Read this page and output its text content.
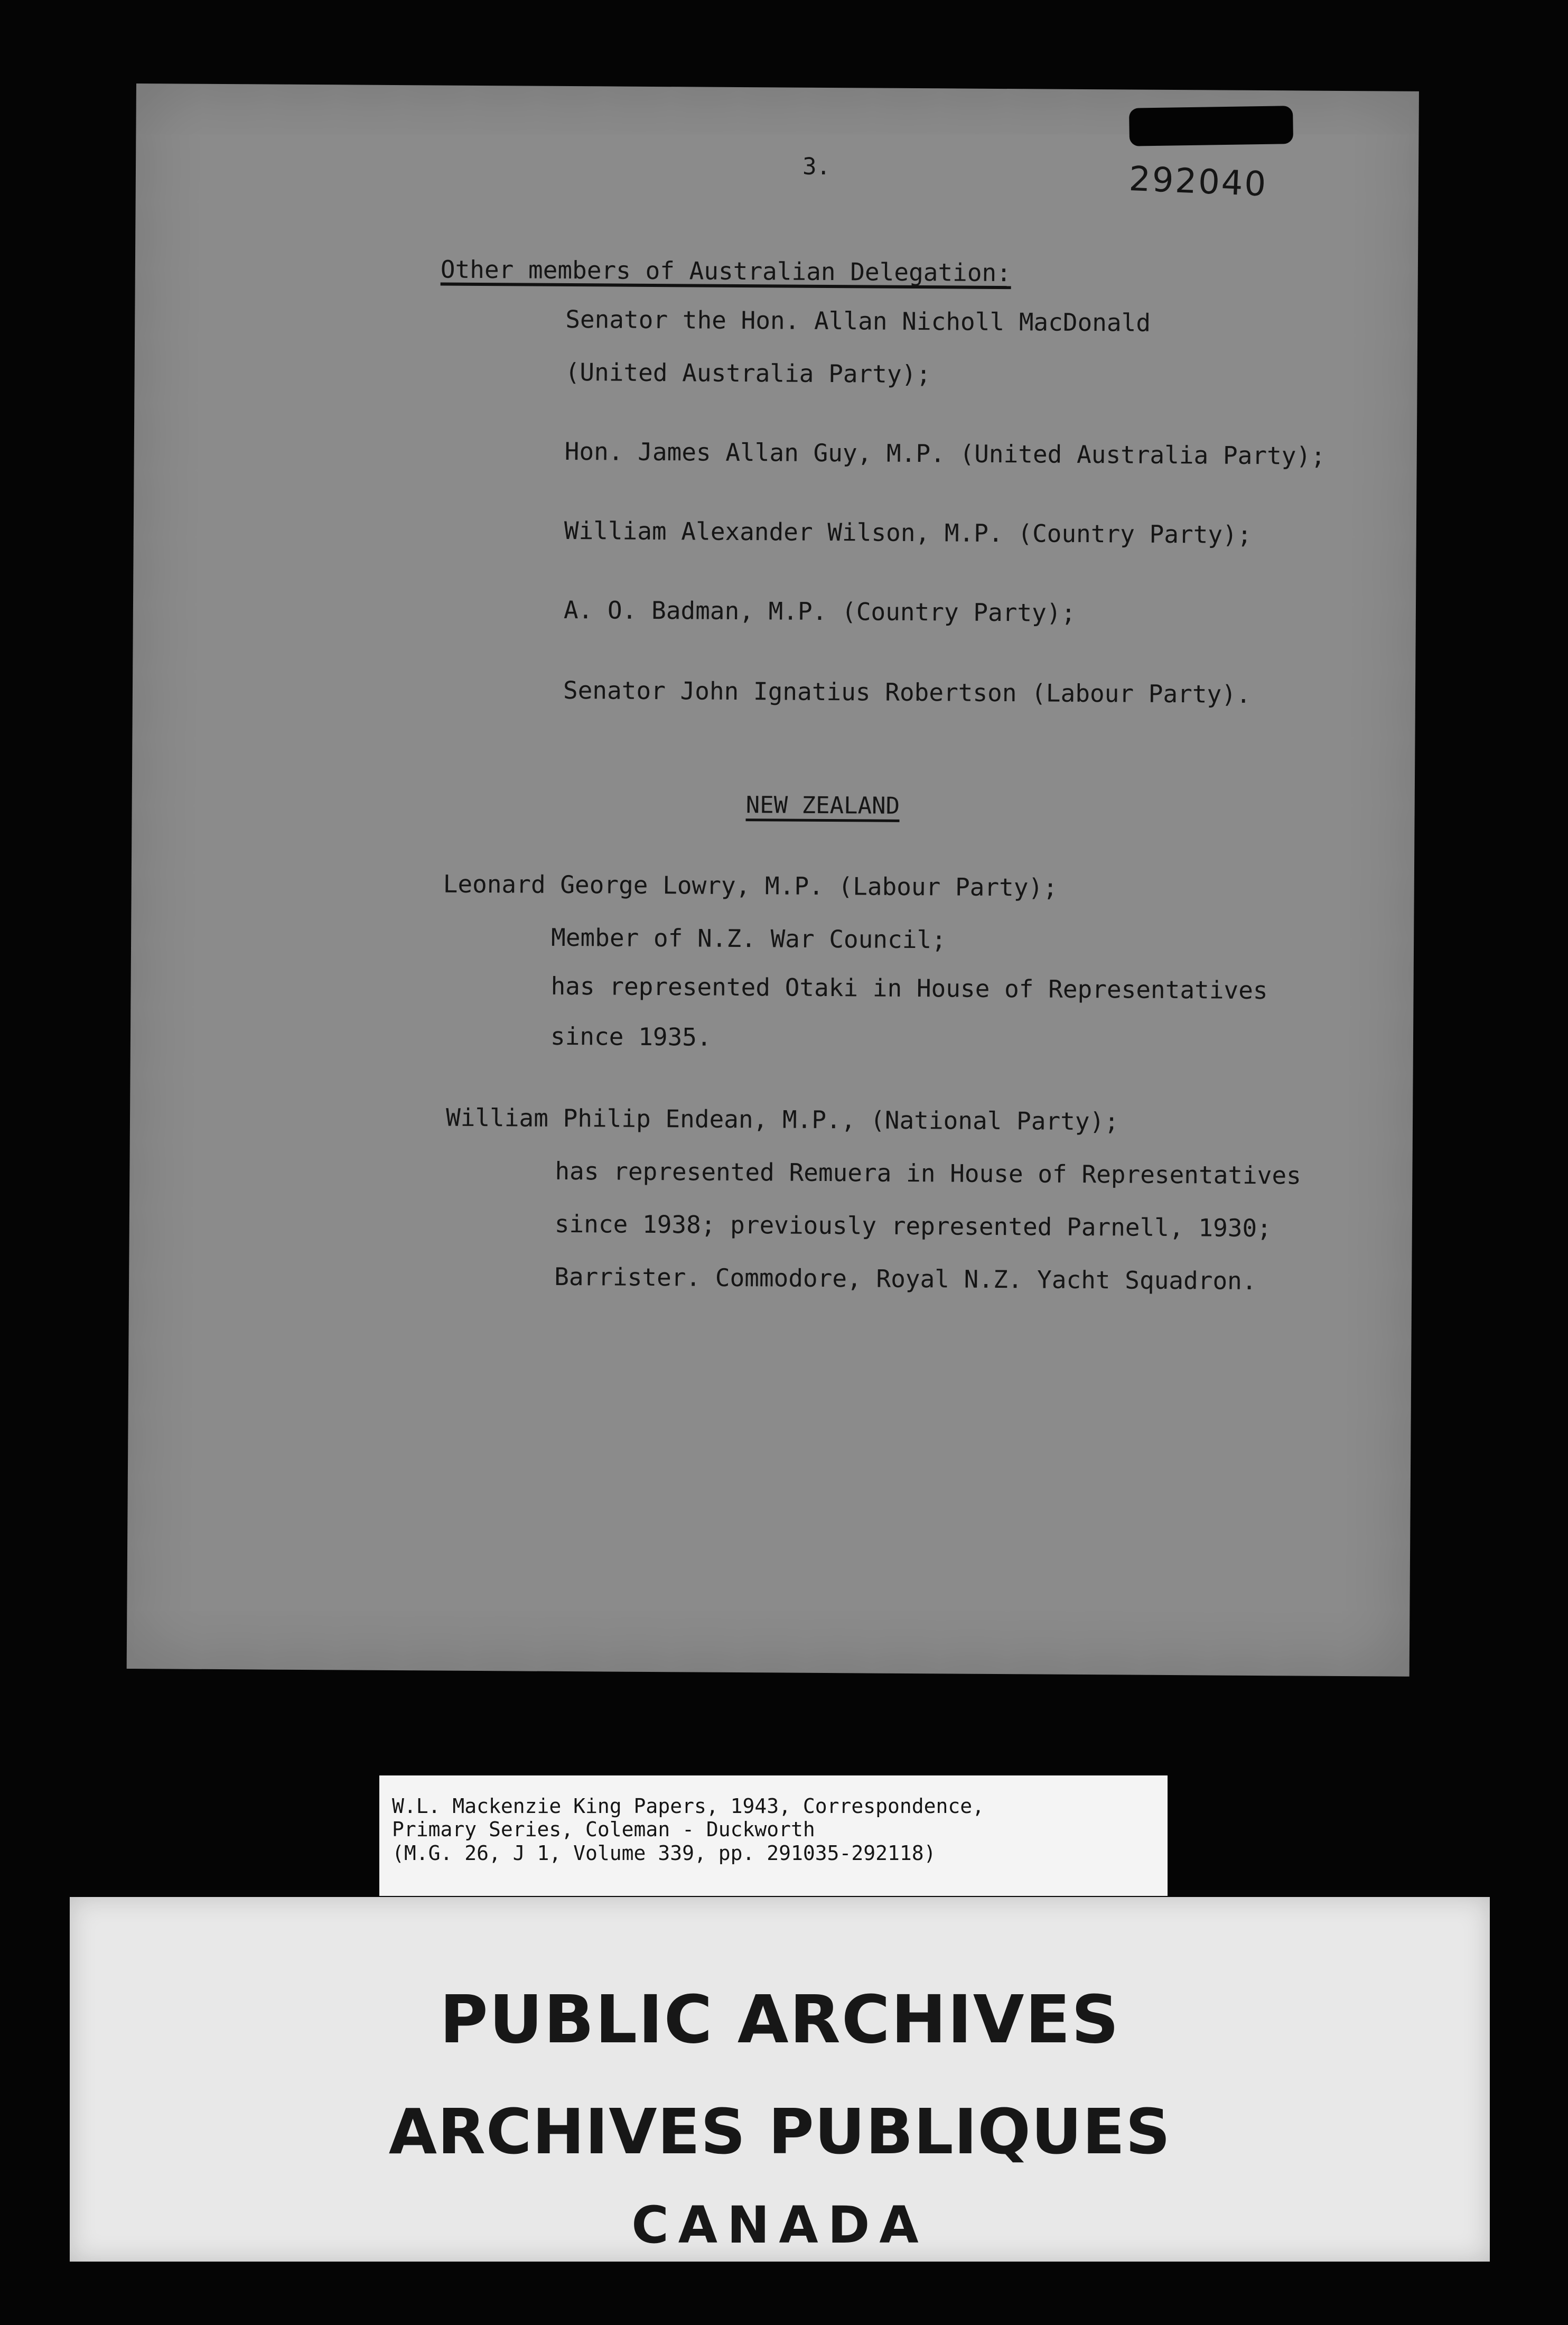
3.	292040
Other members of Australian Delegation:
Senator the Hon. Allan Nicholl MacDonald
(United Australia Party);
Hon. James Allan Guy, M.P. (United Australia Party);
William Alexander Wilson, M.P. (Country Party);
A. O. Badman, M.P. (Country Party);
Senator John Ignatius Robertson (Labour Party).
NEW ZEALAND
Leonard George Lowry, M.P. (Labour Party);
Member of N.Z. War Council;
has represented Otaki in House of Representatives
since 1935.
William Philip Endean, M.P., (National Party);
has represented Remuera in House of Representatives
since 1938; previously represented Parnell, 1930;
Barrister. Commodore, Royal N.Z. Yacht Squadron.
W.L. Mackenzie King Papers, 1943, Correspondence,
Primary Series, Coleman - Duckworth
(M.G. 26, J 1, Volume 339, pp. 291035-292118)
PUBLIC ARCHIVES
ARCHIVES PUBLIQUES
CANADA
